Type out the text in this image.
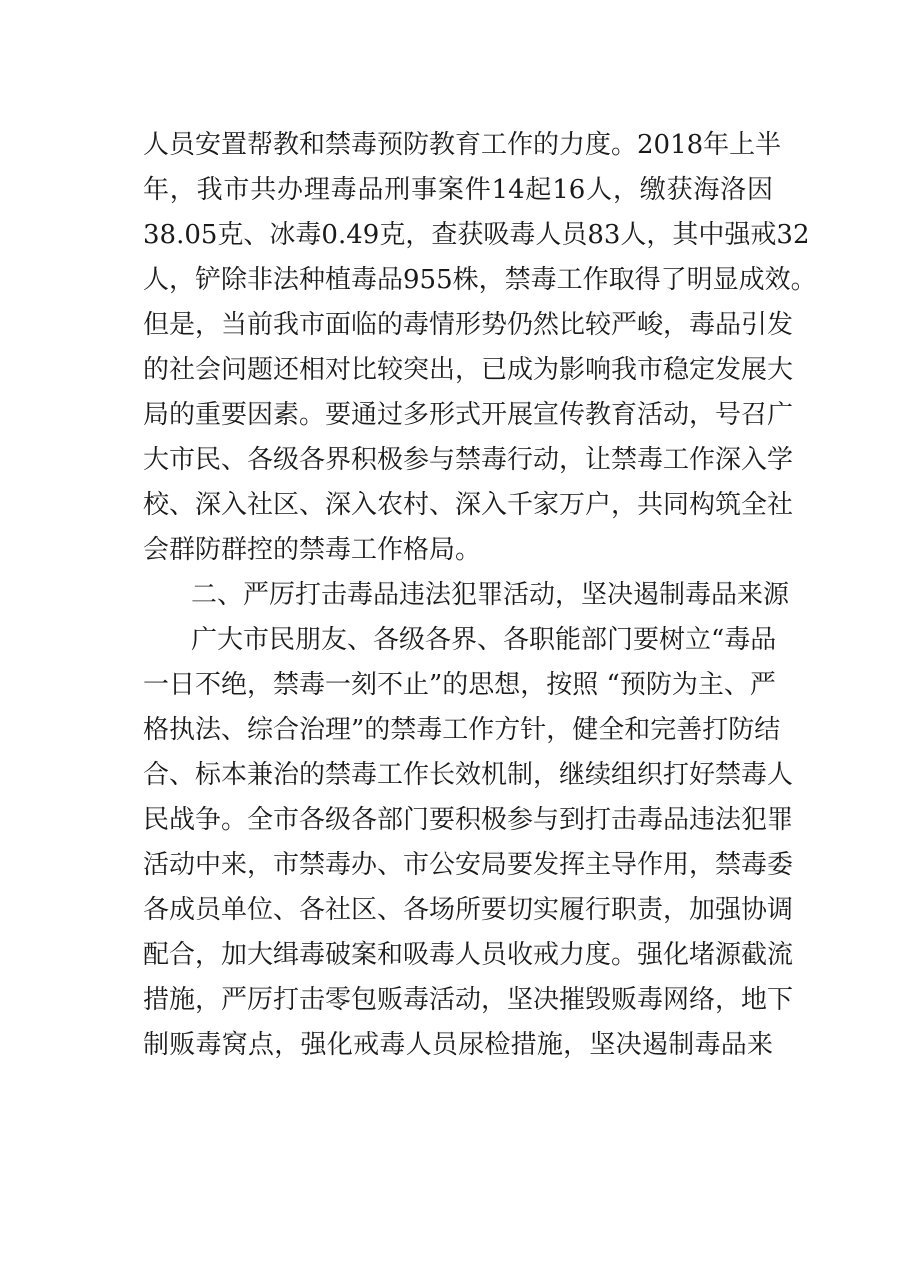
人员安置帮教和禁毒预防教育工作的力度。2018年上半
年，我市共办理毒品刑事案件14起16人，缴获海洛因
38.05克、冰毒0.49克，查获吸毒人员83人，其中强戒32
人，铲除非法种植毒品955株，禁毒工作取得了明显成效。
但是，当前我市面临的毒情形势仍然比较严峻，毒品引发
的社会问题还相对比较突出，已成为影响我市稳定发展大
局的重要因素。要通过多形式开展宣传教育活动，号召广
大市民、各级各界积极参与禁毒行动，让禁毒工作深入学
校、深入社区、深入农村、深入千家万户，共同构筑全社
会群防群控的禁毒工作格局。
二、严厉打击毒品违法犯罪活动，坚决遏制毒品来源
广大市民朋友、各级各界、各职能部门要树立“毒品
一日不绝，禁毒一刻不止”的思想，按照 “预防为主、严
格执法、综合治理”的禁毒工作方针，健全和完善打防结
合、标本兼治的禁毒工作长效机制，继续组织打好禁毒人
民战争。全市各级各部门要积极参与到打击毒品违法犯罪
活动中来，市禁毒办、市公安局要发挥主导作用，禁毒委
各成员单位、各社区、各场所要切实履行职责，加强协调
配合，加大缉毒破案和吸毒人员收戒力度。强化堵源截流
措施，严厉打击零包贩毒活动，坚决摧毁贩毒网络，地下
制贩毒窝点，强化戒毒人员尿检措施，坚决遏制毒品来
